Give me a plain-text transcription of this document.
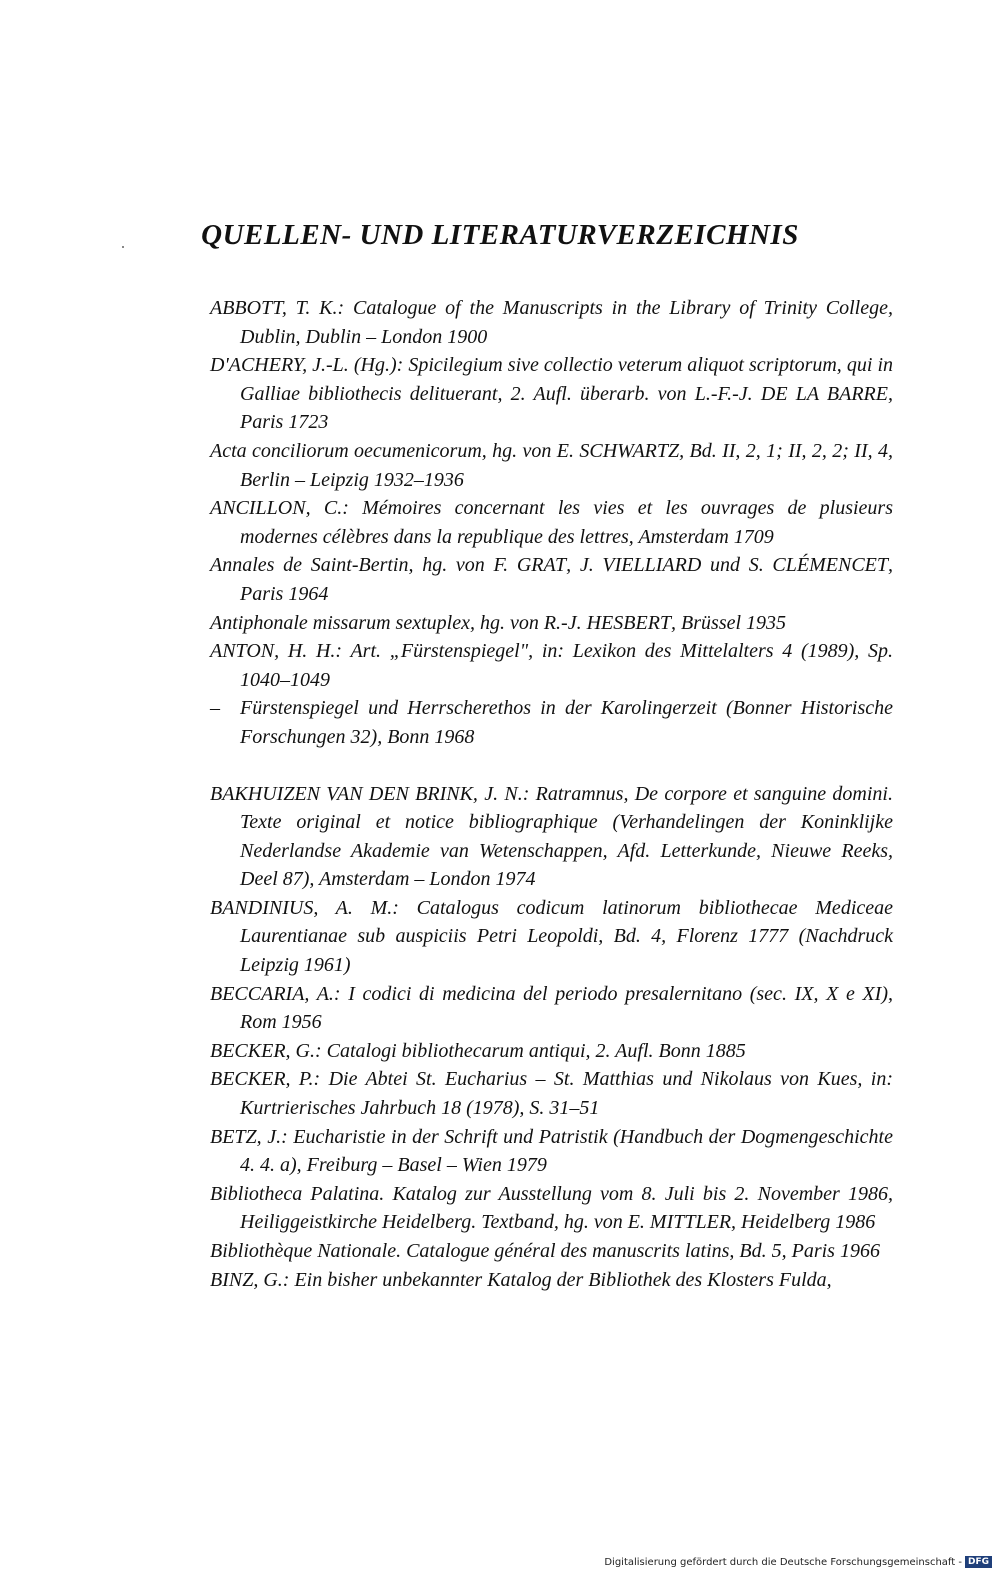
QUELLEN- UND LITERATURVERZEICHNIS

ABBOTT, T. K.: Catalogue of the Manuscripts in the Library of Trinity College, Dublin, Dublin – London 1900

D'ACHERY, J.-L. (Hg.): Spicilegium sive collectio veterum aliquot scriptorum, qui in Galliae bibliothecis delituerant, 2. Aufl. überarb. von L.-F.-J. DE LA BARRE, Paris 1723

Acta conciliorum oecumenicorum, hg. von E. SCHWARTZ, Bd. II, 2, 1; II, 2, 2; II, 4, Berlin – Leipzig 1932–1936

ANCILLON, C.: Mémoires concernant les vies et les ouvrages de plusieurs modernes célèbres dans la republique des lettres, Amsterdam 1709

Annales de Saint-Bertin, hg. von F. GRAT, J. VIELLIARD und S. CLÉMENCET, Paris 1964

Antiphonale missarum sextuplex, hg. von R.-J. HESBERT, Brüssel 1935

ANTON, H. H.: Art. „Fürstenspiegel", in: Lexikon des Mittelalters 4 (1989), Sp. 1040–1049

– Fürstenspiegel und Herrscherethos in der Karolingerzeit (Bonner Historische Forschungen 32), Bonn 1968

BAKHUIZEN VAN DEN BRINK, J. N.: Ratramnus, De corpore et sanguine domini. Texte original et notice bibliographique (Verhandelingen der Koninklijke Nederlandse Akademie van Wetenschappen, Afd. Letterkunde, Nieuwe Reeks, Deel 87), Amsterdam – London 1974

BANDINIUS, A. M.: Catalogus codicum latinorum bibliothecae Mediceae Laurentianae sub auspiciis Petri Leopoldi, Bd. 4, Florenz 1777 (Nachdruck Leipzig 1961)

BECCARIA, A.: I codici di medicina del periodo presalernitano (sec. IX, X e XI), Rom 1956

BECKER, G.: Catalogi bibliothecarum antiqui, 2. Aufl. Bonn 1885

BECKER, P.: Die Abtei St. Eucharius – St. Matthias und Nikolaus von Kues, in: Kurtrierisches Jahrbuch 18 (1978), S. 31–51

BETZ, J.: Eucharistie in der Schrift und Patristik (Handbuch der Dogmengeschichte 4. 4. a), Freiburg – Basel – Wien 1979

Bibliotheca Palatina. Katalog zur Ausstellung vom 8. Juli bis 2. November 1986, Heiliggeistkirche Heidelberg. Textband, hg. von E. MITTLER, Heidelberg 1986

Bibliothèque Nationale. Catalogue général des manuscrits latins, Bd. 5, Paris 1966

BINZ, G.: Ein bisher unbekannter Katalog der Bibliothek des Klosters Fulda,

Digitalisierung gefördert durch die Deutsche Forschungsgemeinschaft - DFG
